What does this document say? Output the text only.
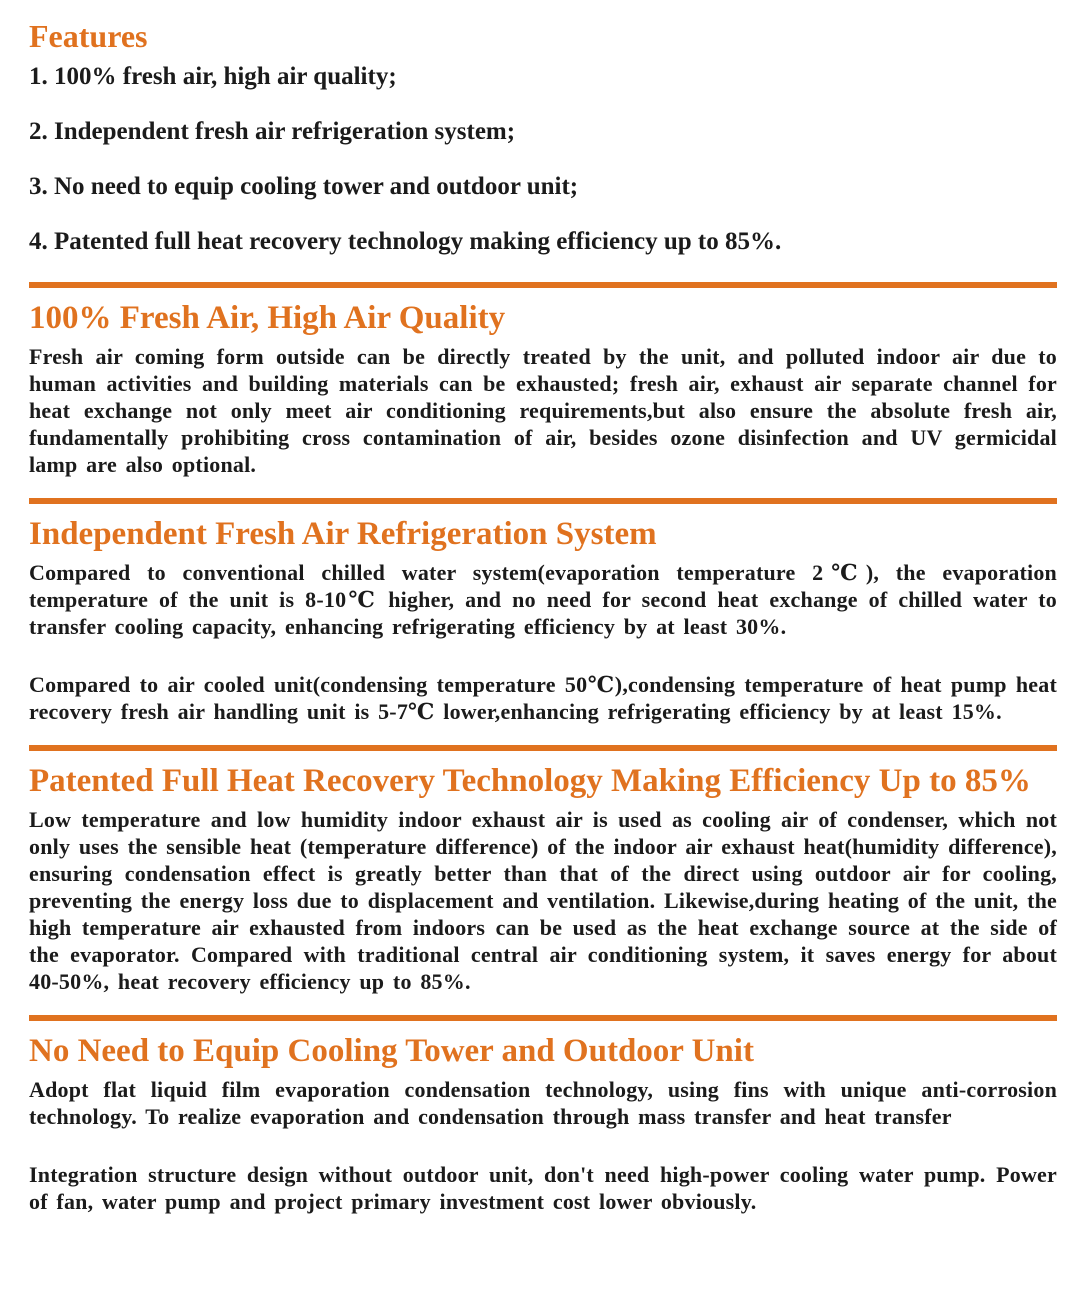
Features

1. 100% fresh air, high air quality;

2. Independent fresh air refrigeration system;

3. No need to equip cooling tower and outdoor unit;

4. Patented full heat recovery technology making efficiency up to 85%.

100% Fresh Air, High Air Quality

Fresh air coming form outside can be directly treated by the unit, and polluted indoor air due to human activities and building materials can be exhausted; fresh air, exhaust air separate channel for heat exchange not only meet air conditioning requirements,but also ensure the absolute fresh air, fundamentally prohibiting cross contamination of air, besides ozone disinfection and UV germicidal lamp are also optional.

Independent Fresh Air Refrigeration System

Compared to conventional chilled water system(evaporation temperature 2℃), the evaporation temperature of the unit is 8-10℃ higher, and no need for second heat exchange of chilled water to transfer cooling capacity, enhancing refrigerating efficiency by at least 30%.

Compared to air cooled unit(condensing temperature 50℃),condensing temperature of heat pump heat recovery fresh air handling unit is 5-7℃ lower,enhancing refrigerating efficiency by at least 15%.

Patented Full Heat Recovery Technology Making Efficiency Up to 85%

Low temperature and low humidity indoor exhaust air is used as cooling air of condenser, which not only uses the sensible heat (temperature difference) of the indoor air exhaust heat(humidity difference), ensuring condensation effect is greatly better than that of the direct using outdoor air for cooling, preventing the energy loss due to displacement and ventilation. Likewise,during heating of the unit, the high temperature air exhausted from indoors can be used as the heat exchange source at the side of the evaporator. Compared with traditional central air conditioning system, it saves energy for about 40-50%, heat recovery efficiency up to 85%.

No Need to Equip Cooling Tower and Outdoor Unit

Adopt flat liquid film evaporation condensation technology, using fins with unique anti-corrosion technology. To realize evaporation and condensation through mass transfer and heat transfer

Integration structure design without outdoor unit, don't need high-power cooling water pump. Power of fan, water pump and project primary investment cost lower obviously.
